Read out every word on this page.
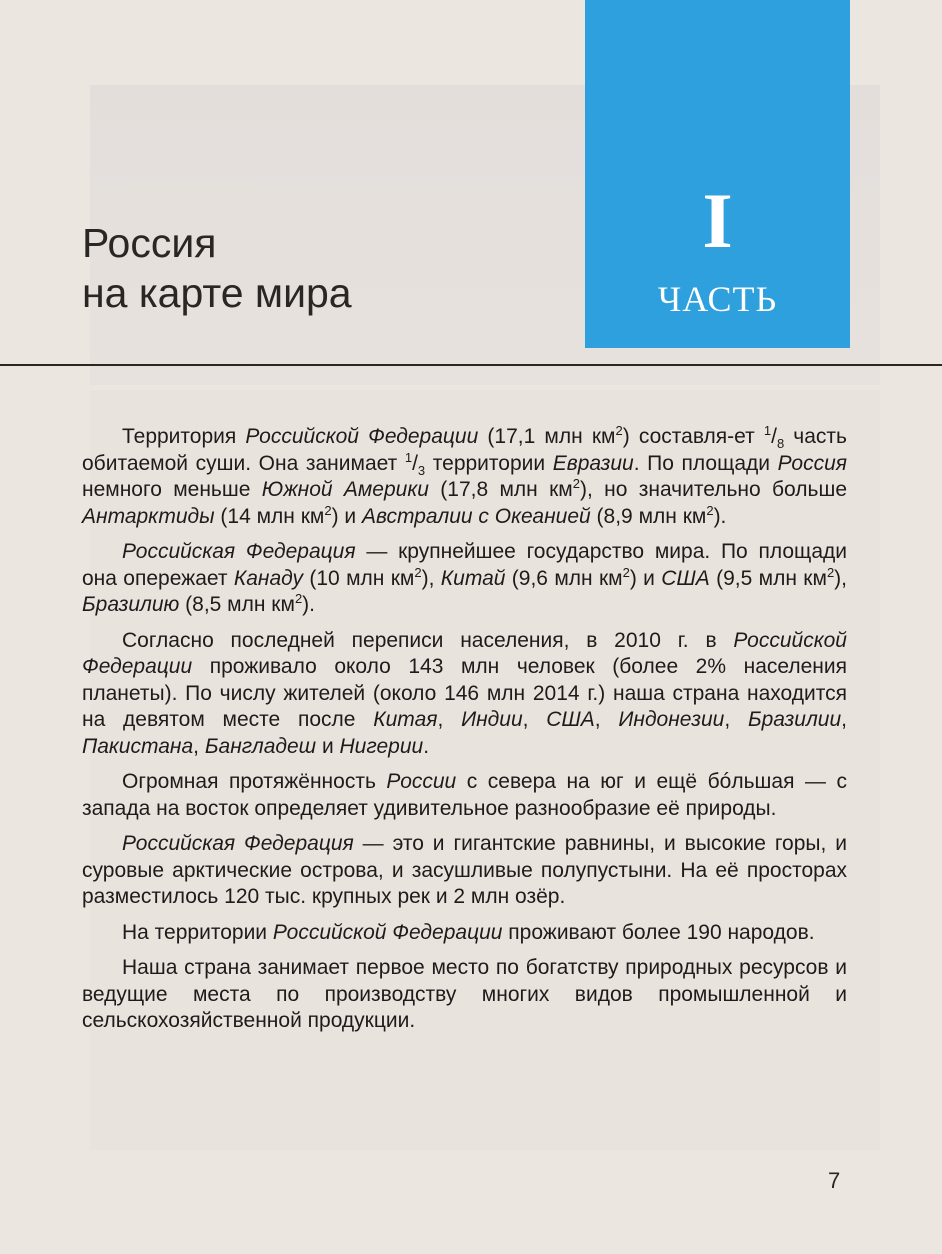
I
ЧАСТЬ
Россия
на карте мира

Территория Российской Федерации (17,1 млн $км^2$) составля-ет $^1/_8$ часть обитаемой суши. Она занимает $^1/_3$ территории Евразии. По площади Россия немного меньше Южной Америки (17,8 млн $км^2$), но значительно больше Антарктиды (14 млн $км^2$) и Австралии с Океанией (8,9 млн $км^2$).

Российская Федерация — крупнейшее государство мира. По площади она опережает Канаду (10 млн $км^2$), Китай (9,6 млн $км^2$) и США (9,5 млн $км^2$), Бразилию (8,5 млн $км^2$).

Согласно последней переписи населения, в 2010 г. в Российской Федерации проживало около 143 млн человек (более 2% населения планеты). По числу жителей (около 146 млн 2014 г.) наша страна находится на девятом месте после Китая, Индии, США, Индонезии, Бразилии, Пакистана, Бангладеш и Нигерии.

Огромная протяжённость России с севера на юг и ещё бóльшая — с запада на восток определяет удивительное разнообразие её природы.

Российская Федерация — это и гигантские равнины, и высокие горы, и суровые арктические острова, и засушливые полупустыни. На её просторах разместилось 120 тыс. крупных рек и 2 млн озёр.

На территории Российской Федерации проживают более 190 народов.

Наша страна занимает первое место по богатству природных ресурсов и ведущие места по производству многих видов промышленной и сельскохозяйственной продукции.

7
